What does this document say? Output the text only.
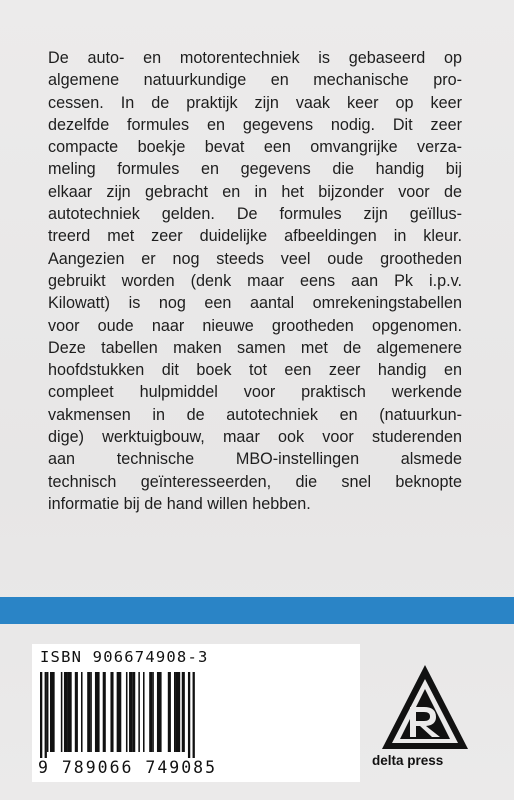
De auto- en motorentechniek is gebaseerd op
algemene natuurkundige en mechanische pro-
cessen. In de praktijk zijn vaak keer op keer
dezelfde formules en gegevens nodig. Dit zeer
compacte boekje bevat een omvangrijke verza-
meling formules en gegevens die handig bij
elkaar zijn gebracht en in het bijzonder voor de
autotechniek gelden. De formules zijn geïllus-
treerd met zeer duidelijke afbeeldingen in kleur.
Aangezien er nog steeds veel oude grootheden
gebruikt worden (denk maar eens aan Pk i.p.v.
Kilowatt) is nog een aantal omrekeningstabellen
voor oude naar nieuwe grootheden opgenomen.
Deze tabellen maken samen met de algemenere
hoofdstukken dit boek tot een zeer handig en
compleet hulpmiddel voor praktisch werkende
vakmensen in de autotechniek en (natuurkun-
dige) werktuigbouw, maar ook voor studerenden
aan technische MBO-instellingen alsmede
technisch geïnteresseerden, die snel beknopte
informatie bij de hand willen hebben.
ISBN 906674908-3
9 789066 749085	delta press
